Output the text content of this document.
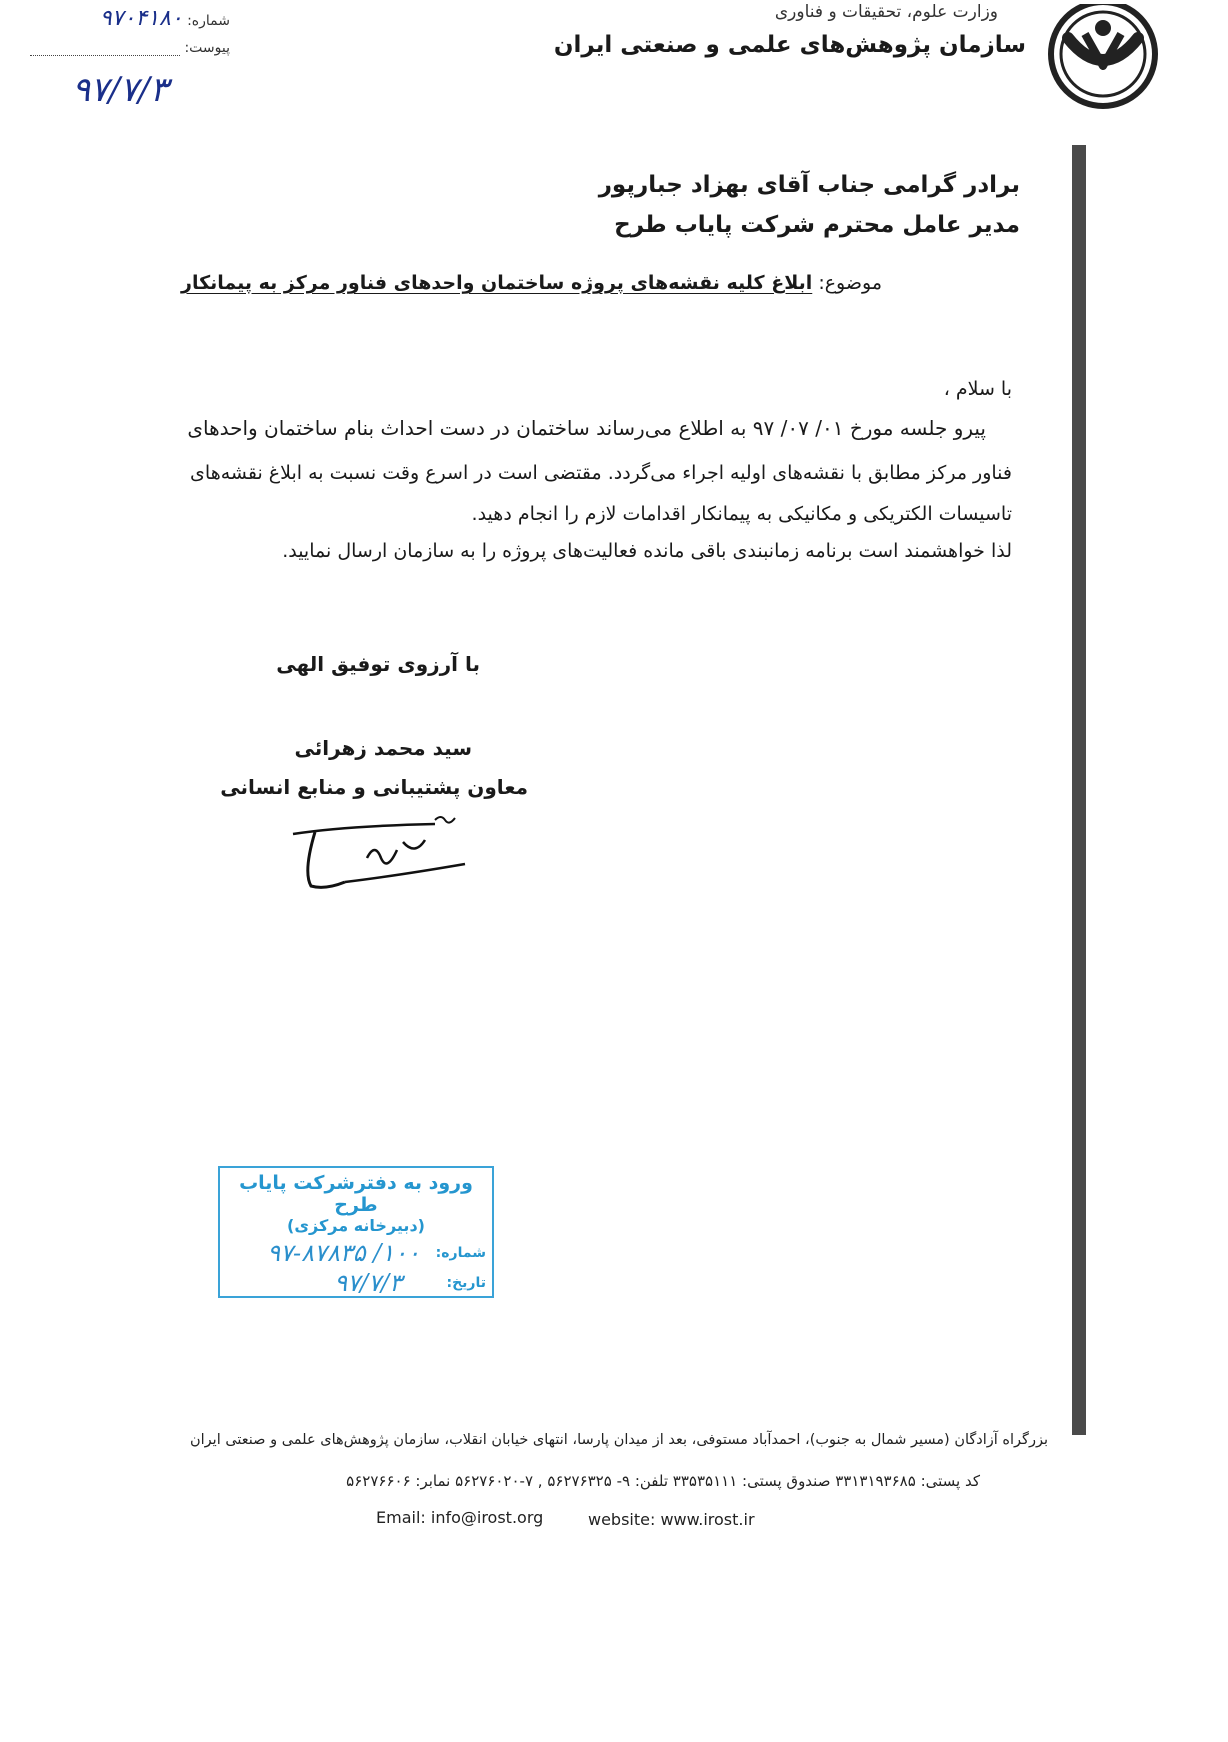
شماره: ۹۷۰۴۱۸۰
پیوست:
۹۷/۷/۳
وزارت علوم، تحقیقات و فناوری
سازمان پژوهش‌های علمی و صنعتی ایران
برادر گرامی جناب آقای بهزاد جبارپور
مدیر عامل محترم شرکت پایاب طرح
موضوع: ابلاغ کلیه نقشه‌های پروژه ساختمان واحدهای فناور مرکز به پیمانکار
با سلام ،
پیرو جلسه مورخ ۰۱/ ۰۷/ ۹۷ به اطلاع می‌رساند ساختمان در دست احداث بنام ساختمان واحدهای
فناور مرکز مطابق با نقشه‌های اولیه اجراء می‌گردد. مقتضی است در اسرع وقت نسبت به ابلاغ نقشه‌های
تاسیسات الکتریکی و مکانیکی به پیمانکار اقدامات لازم را انجام دهید.
لذا خواهشمند است برنامه زمانبندی باقی مانده فعالیت‌های پروژه را به سازمان ارسال نمایید.
با آرزوی توفیق الهی
سید محمد زهرائی
معاون پشتیبانی و منابع انسانی
ورود به دفترشرکت پایاب طرح
(دبیرخانه مرکزی)
شماره:
۱۰۰/ ۹۷-۸۷۸۳۵
تاریخ:
۹۷/۷/۳
بزرگراه آزادگان (مسیر شمال به جنوب)، احمدآباد مستوفی، بعد از میدان پارسا، انتهای خیابان انقلاب، سازمان پژوهش‌های علمی و صنعتی ایران
کد پستی: ۳۳۱۳۱۹۳۶۸۵ صندوق پستی: ۳۳۵۳۵۱۱۱ تلفن: ۹- ۵۶۲۷۶۳۲۵ , ۷-۵۶۲۷۶۰۲۰ نمابر: ۵۶۲۷۶۶۰۶
Email: info@irost.org	website: www.irost.ir
